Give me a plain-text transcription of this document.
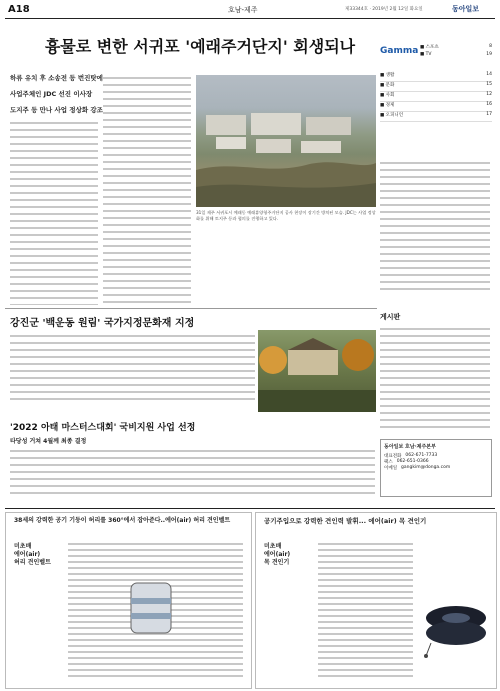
A18	호남-제주	제33344호 · 2019년 2월 12일 화요일	동아일보
흉물로 변한 서귀포 '예래주거단지' 회생되나
하류 유치 후 소송전 등 번진탓에
사업주체인 JDC 선진 이사장
도지주 등 만나 사업 정상화 강조
31일 제주 서귀포시 예래동 예래휴양형주거단지 공사 현장이 장기간 방치된 모습. JDC는 사업 정상화를 위해 토지주 등과 협의를 진행하고 있다.
Gamma ■ 스포츠	8
■ TV	19
■ 생활	14
■ 문화	15
■ 사회	12
■ 경제	16
■ 오피니언	17
강진군 '백운동 원림' 국가지정문화재 지정
'2022 아태 마스터스대회' 국비지원 사업 선정
타당성 거쳐 4월께 최종 결정
게시판
동아일보 호남·제주본부
대표전화 062-671-7733
팩스 062-651-0366
이메일 gangkim@donga.com
38세의 강력한 공기 기둥이 허리를 360°에서 잡아준다..에어(air) 허리 견인벨트
미초배
에어(air)
허리 견인벨트
공기주입으로 강력한 견인력 발휘... 에어(air) 목 견인기
미초배
에어(air)
목 견인기
